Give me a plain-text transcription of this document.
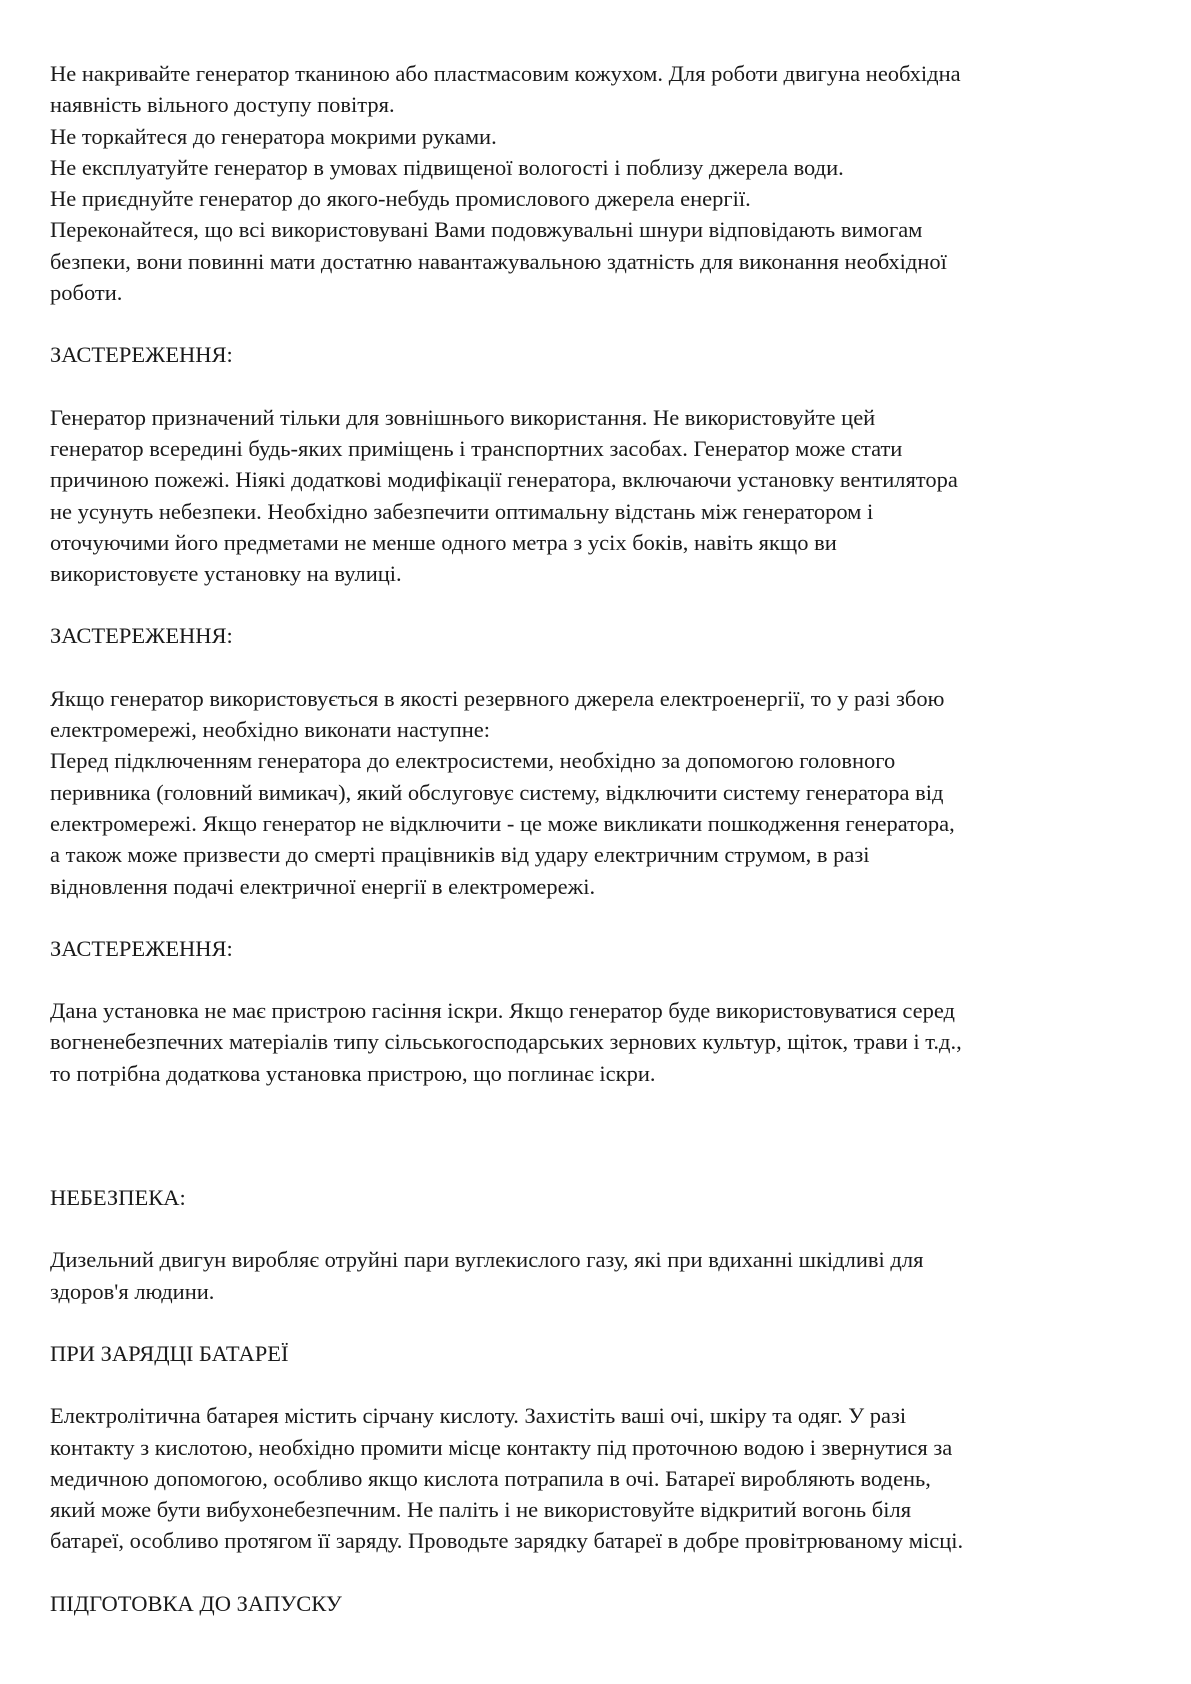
Не накривайте генератор тканиною або пластмасовим кожухом. Для роботи двигуна необхідна
наявність вільного доступу повітря.
Не торкайтеся до генератора мокрими руками.
Не експлуатуйте генератор в умовах підвищеної вологості і поблизу джерела води.
Не приєднуйте генератор до якого-небудь промислового джерела енергії.
Переконайтеся, що всі використовувані Вами подовжувальні шнури відповідають вимогам
безпеки, вони повинні мати достатню навантажувальною здатність для виконання необхідної
роботи.
ЗАСТЕРЕЖЕННЯ:
Генератор призначений тільки для зовнішнього використання. Не використовуйте цей
генератор всередині будь-яких приміщень і транспортних засобах. Генератор може стати
причиною пожежі. Ніякі додаткові модифікації генератора, включаючи установку вентилятора
не усунуть небезпеки. Необхідно забезпечити оптимальну відстань між генератором і
оточуючими його предметами не менше одного метра з усіх боків, навіть якщо ви
використовуєте установку на вулиці.
ЗАСТЕРЕЖЕННЯ:
Якщо генератор використовується в якості резервного джерела електроенергії, то у разі збою
електромережі, необхідно виконати наступне:
Перед підключенням генератора до електросистеми, необхідно за допомогою головного
перивника (головний вимикач), який обслуговує систему, відключити систему генератора від
електромережі. Якщо генератор не відключити - це може викликати пошкодження генератора,
а також може призвести до смерті працівників від удару електричним струмом, в разі
відновлення подачі електричної енергії в електромережі.
ЗАСТЕРЕЖЕННЯ:
Дана установка не має пристрою гасіння іскри. Якщо генератор буде використовуватися серед
вогненебезпечних матеріалів типу сільськогосподарських зернових культур, щіток, трави і т.д.,
то потрібна додаткова установка пристрою, що поглинає іскри.
НЕБЕЗПЕКА:
Дизельний двигун виробляє отруйні пари вуглекислого газу, які при вдиханні шкідливі для
здоров'я людини.
ПРИ ЗАРЯДЦІ БАТАРЕЇ
Електролітична батарея містить сірчану кислоту. Захистіть ваші очі, шкіру та одяг. У разі
контакту з кислотою, необхідно промити місце контакту під проточною водою і звернутися за
медичною допомогою, особливо якщо кислота потрапила в очі. Батареї виробляють водень,
який може бути вибухонебезпечним. Не паліть і не використовуйте відкритий вогонь біля
батареї, особливо протягом її заряду. Проводьте зарядку батареї в добре провітрюваному місці.
ПІДГОТОВКА ДО ЗАПУСКУ
